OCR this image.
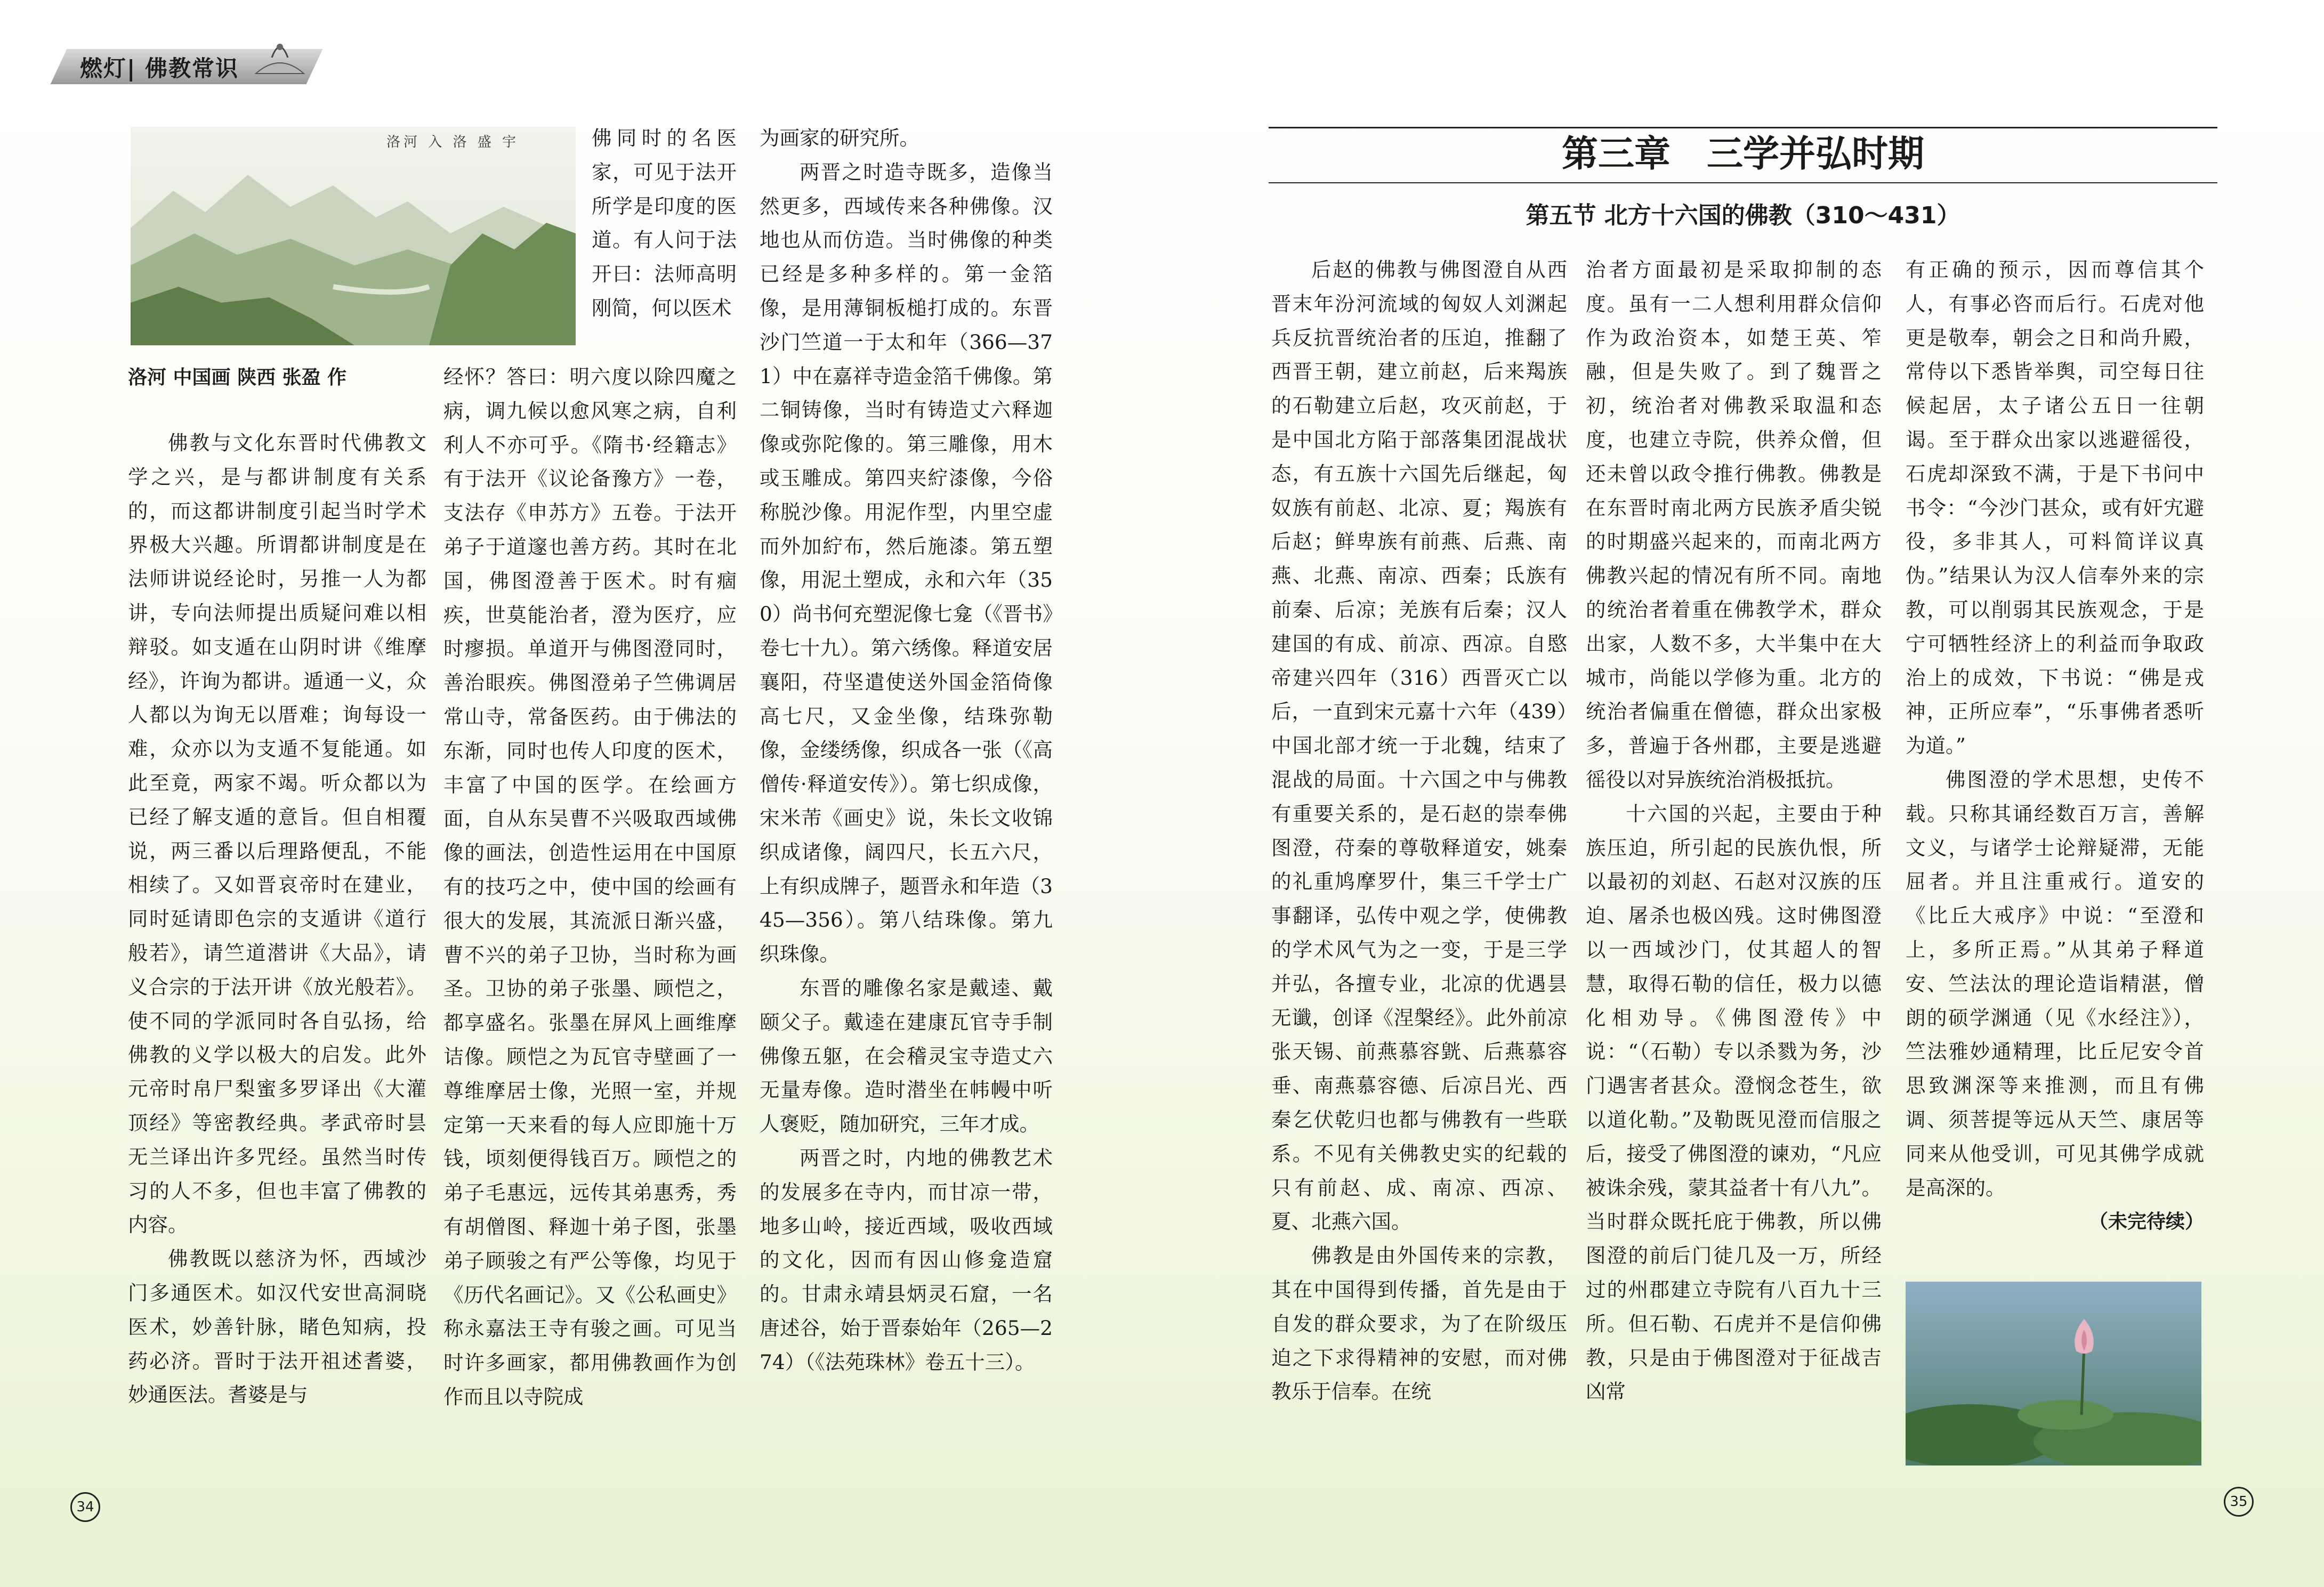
燃灯| 佛教常识
洛河 入 洛 盛 宇
洛河 中国画 陕西 张盈 作

佛教与文化东晋时代佛教文学之兴，是与都讲制度有关系的，而这都讲制度引起当时学术界极大兴趣。所谓都讲制度是在法师讲说经论时，另推一人为都讲，专向法师提出质疑问难以相辩驳。如支遁在山阴时讲《维摩经》，许询为都讲。遁通一义，众人都以为询无以厝难；询每设一难，众亦以为支遁不复能通。如此至竟，两家不竭。听众都以为已经了解支遁的意旨。但自相覆说，两三番以后理路便乱，不能相续了。又如晋哀帝时在建业，同时延请即色宗的支遁讲《道行般若》，请竺道潜讲《大品》，请义合宗的于法开讲《放光般若》。使不同的学派同时各自弘扬，给佛教的义学以极大的启发。此外元帝时帛尸梨蜜多罗译出《大灌顶经》等密教经典。孝武帝时昙无兰译出许多咒经。虽然当时传习的人不多，但也丰富了佛教的内容。

佛教既以慈济为怀，西域沙门多通医术。如汉代安世高洞晓医术，妙善针脉，睹色知病，投药必济。晋时于法开祖述耆婆，妙通医法。耆婆是与

佛同时的名医家，可见于法开所学是印度的医道。有人问于法开曰：法师高明刚简，何以医术

经怀？答曰：明六度以除四魔之病，调九候以愈风寒之病，自利利人不亦可乎。《隋书·经籍志》有于法开《议论备豫方》一卷，支法存《申苏方》五卷。于法开弟子于道邃也善方药。其时在北国，佛图澄善于医术。时有痼疾，世莫能治者，澄为医疗，应时瘳损。单道开与佛图澄同时，善治眼疾。佛图澄弟子竺佛调居常山寺，常备医药。由于佛法的东渐，同时也传人印度的医术，丰富了中国的医学。在绘画方面，自从东吴曹不兴吸取西域佛像的画法，创造性运用在中国原有的技巧之中，使中国的绘画有很大的发展，其流派日渐兴盛，曹不兴的弟子卫协，当时称为画圣。卫协的弟子张墨、顾恺之，都享盛名。张墨在屏风上画维摩诘像。顾恺之为瓦官寺壁画了一尊维摩居士像，光照一室，并规定第一天来看的每人应即施十万钱，顷刻便得钱百万。顾恺之的弟子毛惠远，远传其弟惠秀，秀有胡僧图、释迦十弟子图，张墨弟子顾骏之有严公等像，均见于《历代名画记》。又《公私画史》称永嘉法王寺有骏之画。可见当时许多画家，都用佛教画作为创作而且以寺院成

为画家的研究所。

两晋之时造寺既多，造像当然更多，西域传来各种佛像。汉地也从而仿造。当时佛像的种类已经是多种多样的。第一金箔像，是用薄铜板槌打成的。东晋沙门竺道一于太和年（366—371）中在嘉祥寺造金箔千佛像。第二铜铸像，当时有铸造丈六释迦像或弥陀像的。第三雕像，用木或玉雕成。第四夹紵漆像，今俗称脱沙像。用泥作型，内里空虚而外加紵布，然后施漆。第五塑像，用泥土塑成，永和六年（350）尚书何充塑泥像七龛（《晋书》卷七十九）。第六绣像。释道安居襄阳，苻坚遣使送外国金箔倚像高七尺，又金坐像，结珠弥勒像，金缕绣像，织成各一张（《高僧传·释道安传》）。第七织成像，宋米芾《画史》说，朱长文收锦织成诸像，阔四尺，长五六尺，上有织成牌子，题晋永和年造（345—356）。第八结珠像。第九织珠像。

东晋的雕像名家是戴逵、戴颐父子。戴逵在建康瓦官寺手制佛像五躯，在会稽灵宝寺造丈六无量寿像。造时潜坐在帏幔中听人褒贬，随加研究，三年才成。

两晋之时，内地的佛教艺术的发展多在寺内，而甘凉一带，地多山岭，接近西域，吸收西域的文化，因而有因山修龛造窟的。甘肃永靖县炳灵石窟，一名唐述谷，始于晋泰始年（265—274）（《法苑珠林》卷五十三）。

34
第三章　三学并弘时期
第五节 北方十六国的佛教（310～431）

后赵的佛教与佛图澄自从西晋末年汾河流域的匈奴人刘渊起兵反抗晋统治者的压迫，推翻了西晋王朝，建立前赵，后来羯族的石勒建立后赵，攻灭前赵，于是中国北方陷于部落集团混战状态，有五族十六国先后继起，匈奴族有前赵、北凉、夏；羯族有后赵；鲜卑族有前燕、后燕、南燕、北燕、南凉、西秦；氐族有前秦、后凉；羌族有后秦；汉人建国的有成、前凉、西凉。自愍帝建兴四年（316）西晋灭亡以后，一直到宋元嘉十六年（439）中国北部才统一于北魏，结束了混战的局面。十六国之中与佛教有重要关系的，是石赵的崇奉佛图澄，苻秦的尊敬释道安，姚秦的礼重鸠摩罗什，集三千学士广事翻译，弘传中观之学，使佛教的学术风气为之一变，于是三学并弘，各擅专业，北凉的优遇昙无谶，创译《涅槃经》。此外前凉张天锡、前燕慕容皝、后燕慕容垂、南燕慕容德、后凉吕光、西秦乞伏乾归也都与佛教有一些联系。不见有关佛教史实的纪载的只有前赵、成、南凉、西凉、夏、北燕六国。

佛教是由外国传来的宗教，其在中国得到传播，首先是由于自发的群众要求，为了在阶级压迫之下求得精神的安慰，而对佛教乐于信奉。在统

治者方面最初是采取抑制的态度。虽有一二人想利用群众信仰作为政治资本，如楚王英、笮融，但是失败了。到了魏晋之初，统治者对佛教采取温和态度，也建立寺院，供养众僧，但还未曾以政令推行佛教。佛教是在东晋时南北两方民族矛盾尖锐的时期盛兴起来的，而南北两方佛教兴起的情况有所不同。南地的统治者着重在佛教学术，群众出家，人数不多，大半集中在大城市，尚能以学修为重。北方的统治者偏重在僧德，群众出家极多，普遍于各州郡，主要是逃避徭役以对异族统治消极抵抗。

十六国的兴起，主要由于种族压迫，所引起的民族仇恨，所以最初的刘赵、石赵对汉族的压迫、屠杀也极凶残。这时佛图澄以一西域沙门，仗其超人的智慧，取得石勒的信任，极力以德化相劝导。《佛图澄传》中说：“（石勒）专以杀戮为务，沙门遇害者甚众。澄悯念苍生，欲以道化勒。”及勒既见澄而信服之后，接受了佛图澄的谏劝，“凡应被诛余残，蒙其益者十有八九”。当时群众既托庇于佛教，所以佛图澄的前后门徒几及一万，所经过的州郡建立寺院有八百九十三所。但石勒、石虎并不是信仰佛教，只是由于佛图澄对于征战吉凶常

有正确的预示，因而尊信其个人，有事必咨而后行。石虎对他更是敬奉，朝会之日和尚升殿，常侍以下悉皆举舆，司空每日往候起居，太子诸公五日一往朝谒。至于群众出家以逃避徭役，石虎却深致不满，于是下书问中书令：“今沙门甚众，或有奸宄避役，多非其人，可料简详议真伪。”结果认为汉人信奉外来的宗教，可以削弱其民族观念，于是宁可牺牲经济上的利益而争取政治上的成效，下书说：“佛是戎神，正所应奉”，“乐事佛者悉听为道。”

佛图澄的学术思想，史传不载。只称其诵经数百万言，善解文义，与诸学士论辩疑滞，无能屈者。并且注重戒行。道安的《比丘大戒序》中说：“至澄和上，多所正焉。”从其弟子释道安、竺法汰的理论造诣精湛，僧朗的硕学渊通（见《水经注》），竺法雅妙通精理，比丘尼安令首思致渊深等来推测，而且有佛调、须菩提等远从天竺、康居等同来从他受训，可见其佛学成就是高深的。

（未完待续）
35
